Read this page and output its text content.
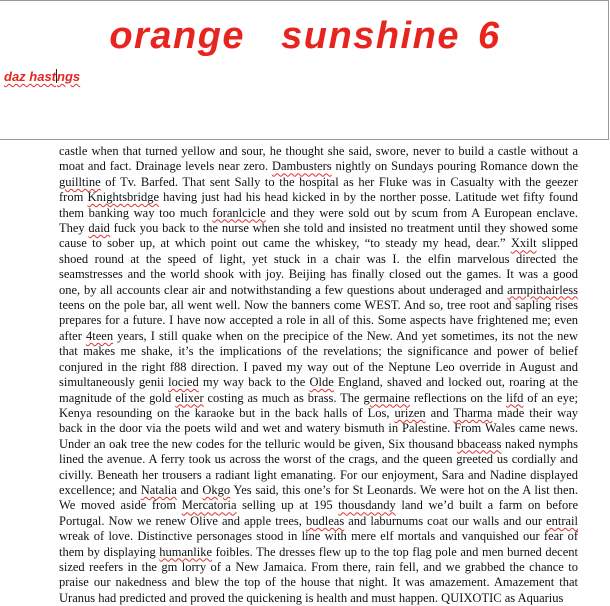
orange  sunshine 6
daz hastngs
castle when that turned yellow and sour, he thought she said, swore, never to build a castle without a
moat and fact. Drainage levels near zero. Dambusters nightly on Sundays pouring Romance down the
guilltine of Tv. Barfed. That sent Sally to the hospital as her Fluke was in Casualty with the geezer
from Knightsbridge having just had his head kicked in by the norther posse. Latitude wet fifty found
them banking way too much foranlcicle and they were sold out by scum from A European enclave.
They daid fuck you back to the nurse when she told and insisted no treatment until they showed some
cause to sober up, at which point out came the whiskey, “to steady my head, dear.” Xxilt slipped
shoed round at the speed of light, yet stuck in a chair was I. the elfin marvelous directed the
seamstresses and the world shook with joy. Beijing has finally closed out the games. It was a good
one, by all accounts clear air and notwithstanding a few questions about underaged and armpithairless
teens on the pole bar, all went well. Now the banners come WEST. And so, tree root and sapling rises
prepares for a future. I have now accepted a role in all of this. Some aspects have frightened me; even
after 4teen years, I still quake when on the precipice of the New. And yet sometimes, its not the new
that makes me shake, it’s the implications of the revelations; the significance and power of belief
conjured in the right f88 direction. I paved my way out of the Neptune Leo override in August and
simultaneously genii locied my way back to the Olde England, shaved and locked out, roaring at the
magnitude of the gold elixer costing as much as brass. The germaine reflections on the lifd of an eye;
Kenya resounding on the karaoke but in the back halls of Los, urizen and Tharma made their way
back in the door via the poets wild and wet and watery bismuth in Palestine. From Wales came news.
Under an oak tree the new codes for the telluric would be given, Six thousand bbaceass naked nymphs
lined the avenue. A ferry took us across the worst of the crags, and the queen greeted us cordially and
civilly. Beneath her trousers a radiant light emanating. For our enjoyment, Sara and Nadine displayed
excellence; and Natalia and Okgo Yes said, this one’s for St Leonards. We were hot on the A list then.
We moved aside from Mercatoria selling up at 195 thousdandy land we’d built a farm on before
Portugal. Now we renew Olive and apple trees, budleas and laburnums coat our walls and our entrail
wreak of love. Distinctive personages stood in line with mere elf mortals and vanquished our fear of
them by displaying humanlike foibles. The dresses flew up to the top flag pole and men burned decent
sized reefers in the gm lorry of a New Jamaica. From there, rain fell, and we grabbed the chance to
praise our nakedness and blew the top of the house that night. It was amazement. Amazement that
Uranus had predicted and proved the quickening is health and must happen. QUIXOTIC as Aquarius
